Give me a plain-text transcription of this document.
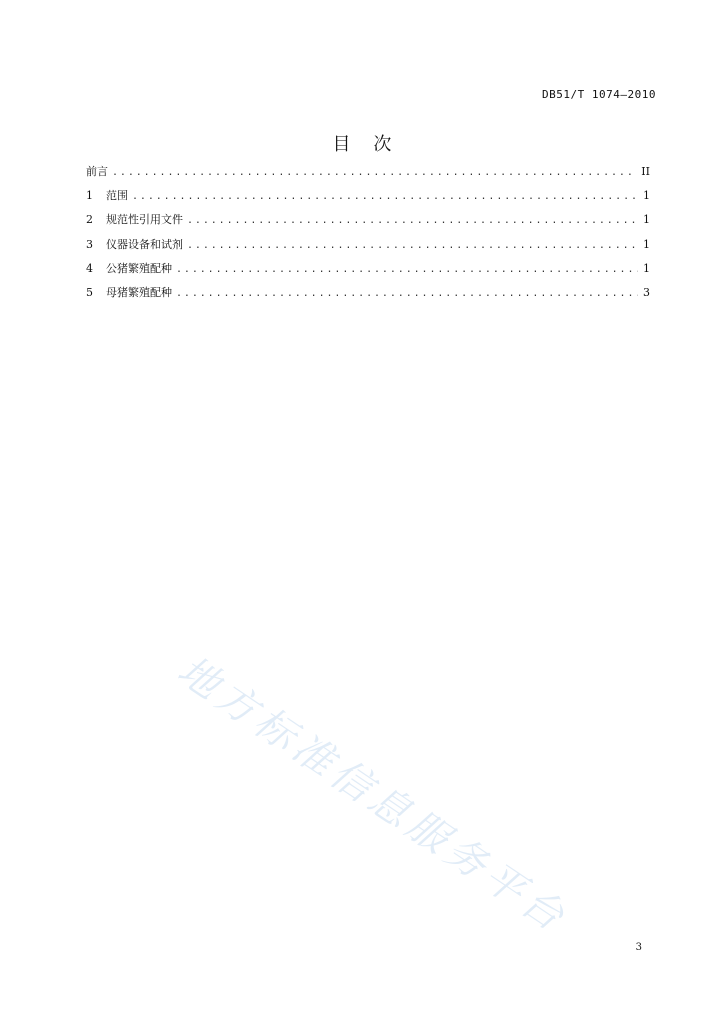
DB51/T 1074—2010
目    次
前言 .....	II
1	范围 .....	1
2	规范性引用文件 .....	1
3	仪器设备和试剂 .....	1
4	公猪繁殖配种 .....	1
5	母猪繁殖配种 .....	3
地方标准信息服务平台
3
